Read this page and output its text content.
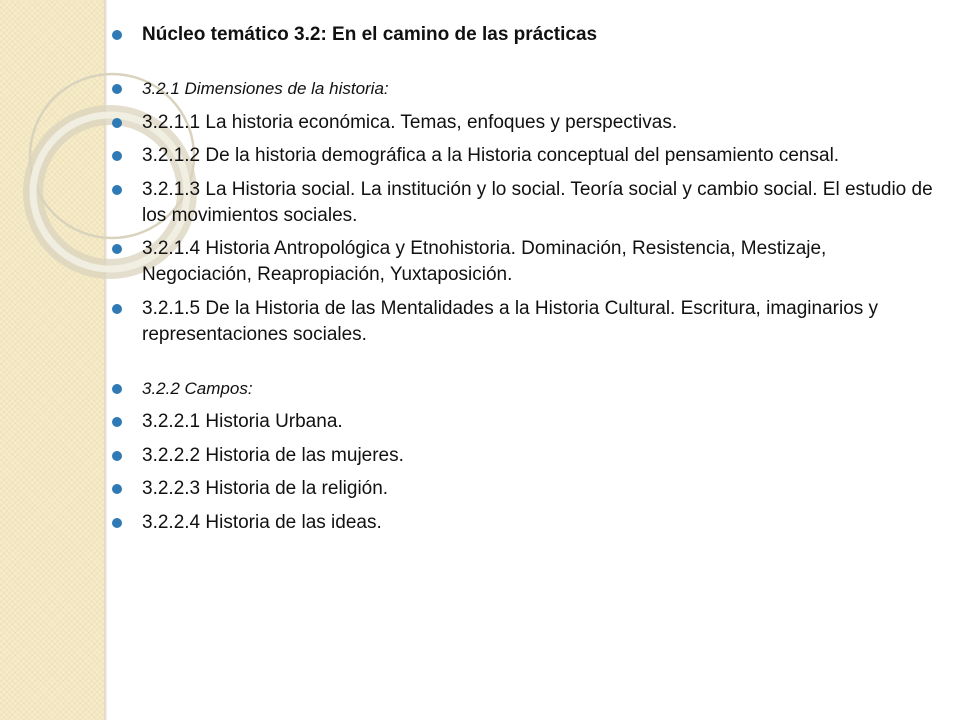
Núcleo temático 3.2: En el camino de las prácticas
3.2.1 Dimensiones de la historia:
3.2.1.1 La historia económica. Temas, enfoques y perspectivas.
3.2.1.2 De la historia demográfica a la Historia conceptual del pensamiento censal.
3.2.1.3 La Historia social. La institución y lo social. Teoría social y cambio social. El estudio de los movimientos sociales.
3.2.1.4 Historia Antropológica y Etnohistoria. Dominación, Resistencia, Mestizaje, Negociación, Reapropiación, Yuxtaposición.
3.2.1.5 De la Historia de las Mentalidades a la Historia Cultural. Escritura, imaginarios y representaciones sociales.
3.2.2 Campos:
3.2.2.1 Historia Urbana.
3.2.2.2 Historia de las mujeres.
3.2.2.3 Historia de la religión.
3.2.2.4 Historia de las ideas.
